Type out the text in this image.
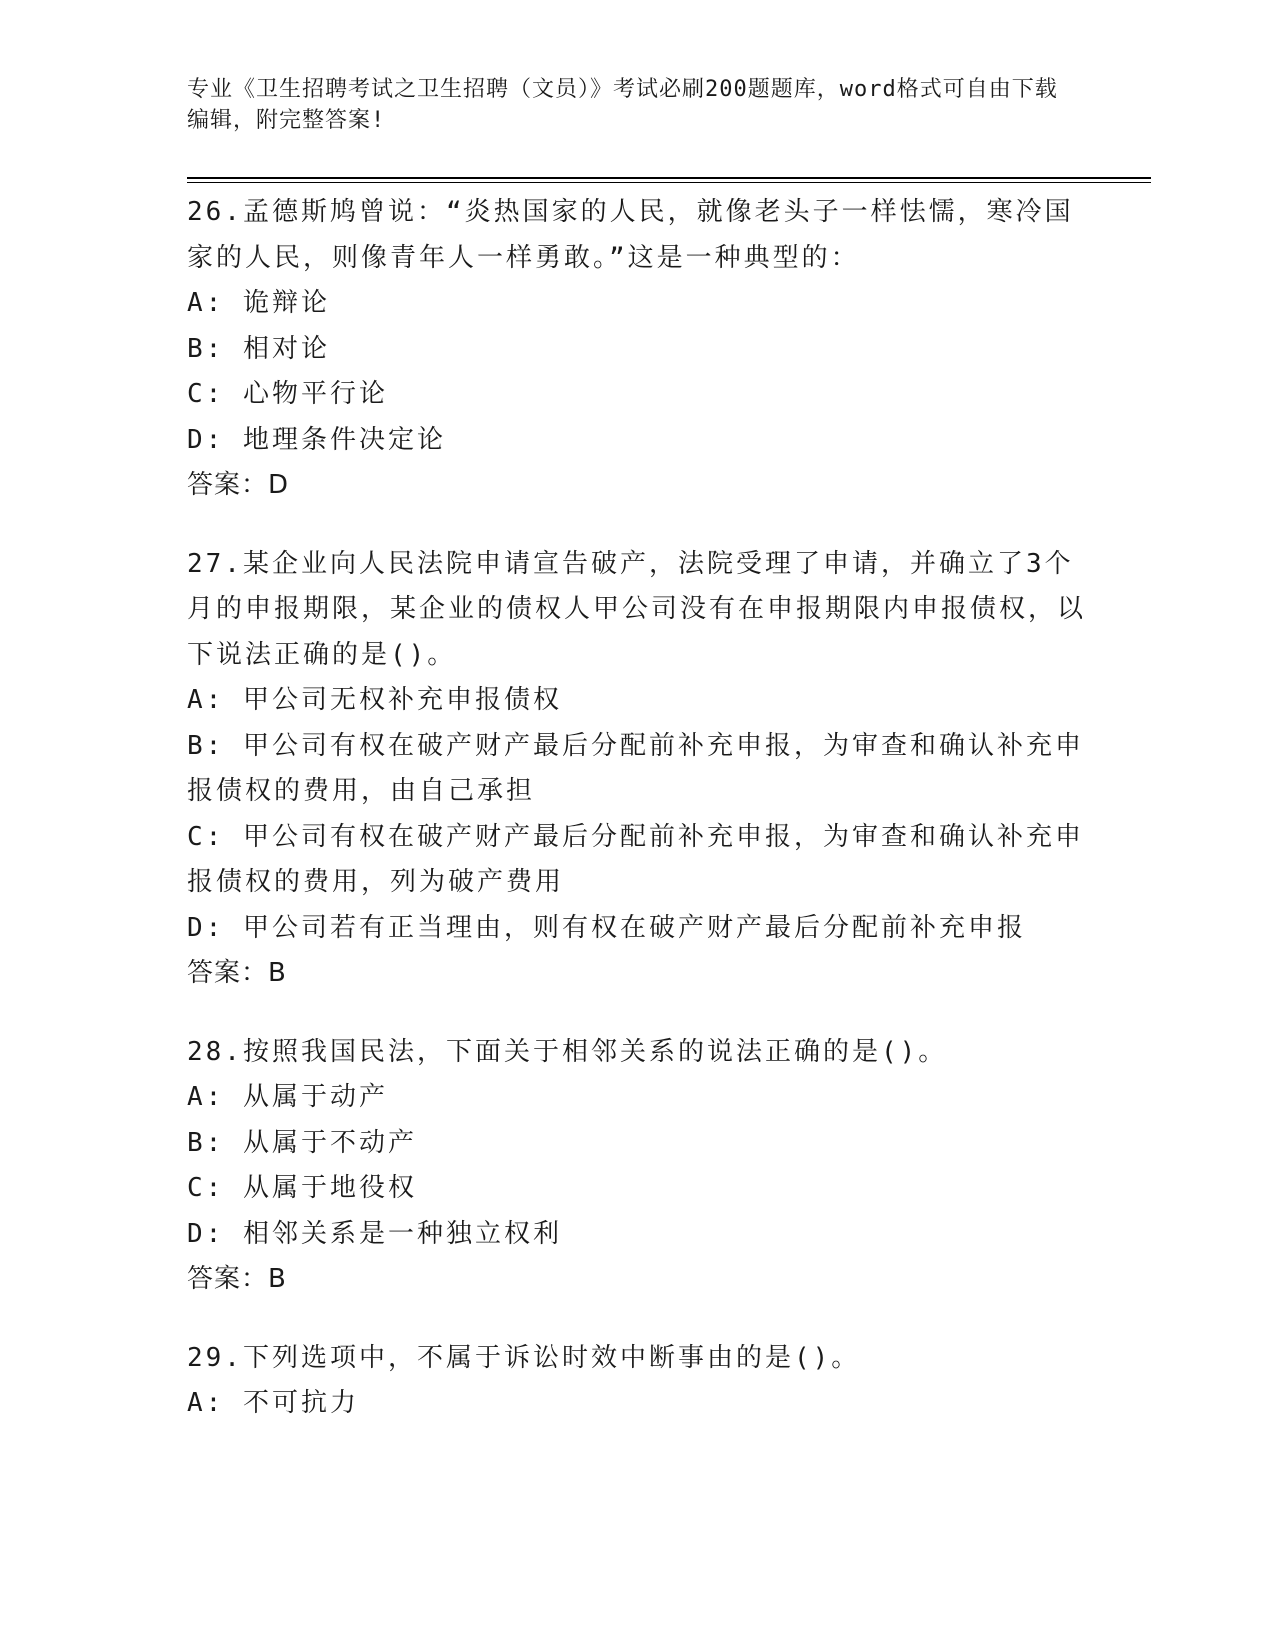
专业《卫生招聘考试之卫生招聘（文员）》考试必刷200题题库，word格式可自由下载编辑，附完整答案!
26.孟德斯鸠曾说：“炎热国家的人民，就像老头子一样怯懦，寒冷国家的人民，则像青年人一样勇敢。”这是一种典型的：
A: 诡辩论
B: 相对论
C: 心物平行论
D: 地理条件决定论
答案：D
27.某企业向人民法院申请宣告破产，法院受理了申请，并确立了3个月的申报期限，某企业的债权人甲公司没有在申报期限内申报债权，以下说法正确的是()。
A: 甲公司无权补充申报债权
B: 甲公司有权在破产财产最后分配前补充申报，为审查和确认补充申报债权的费用，由自己承担
C: 甲公司有权在破产财产最后分配前补充申报，为审查和确认补充申报债权的费用，列为破产费用
D: 甲公司若有正当理由，则有权在破产财产最后分配前补充申报
答案：B
28.按照我国民法，下面关于相邻关系的说法正确的是()。
A: 从属于动产
B: 从属于不动产
C: 从属于地役权
D: 相邻关系是一种独立权利
答案：B
29.下列选项中，不属于诉讼时效中断事由的是()。
A: 不可抗力
